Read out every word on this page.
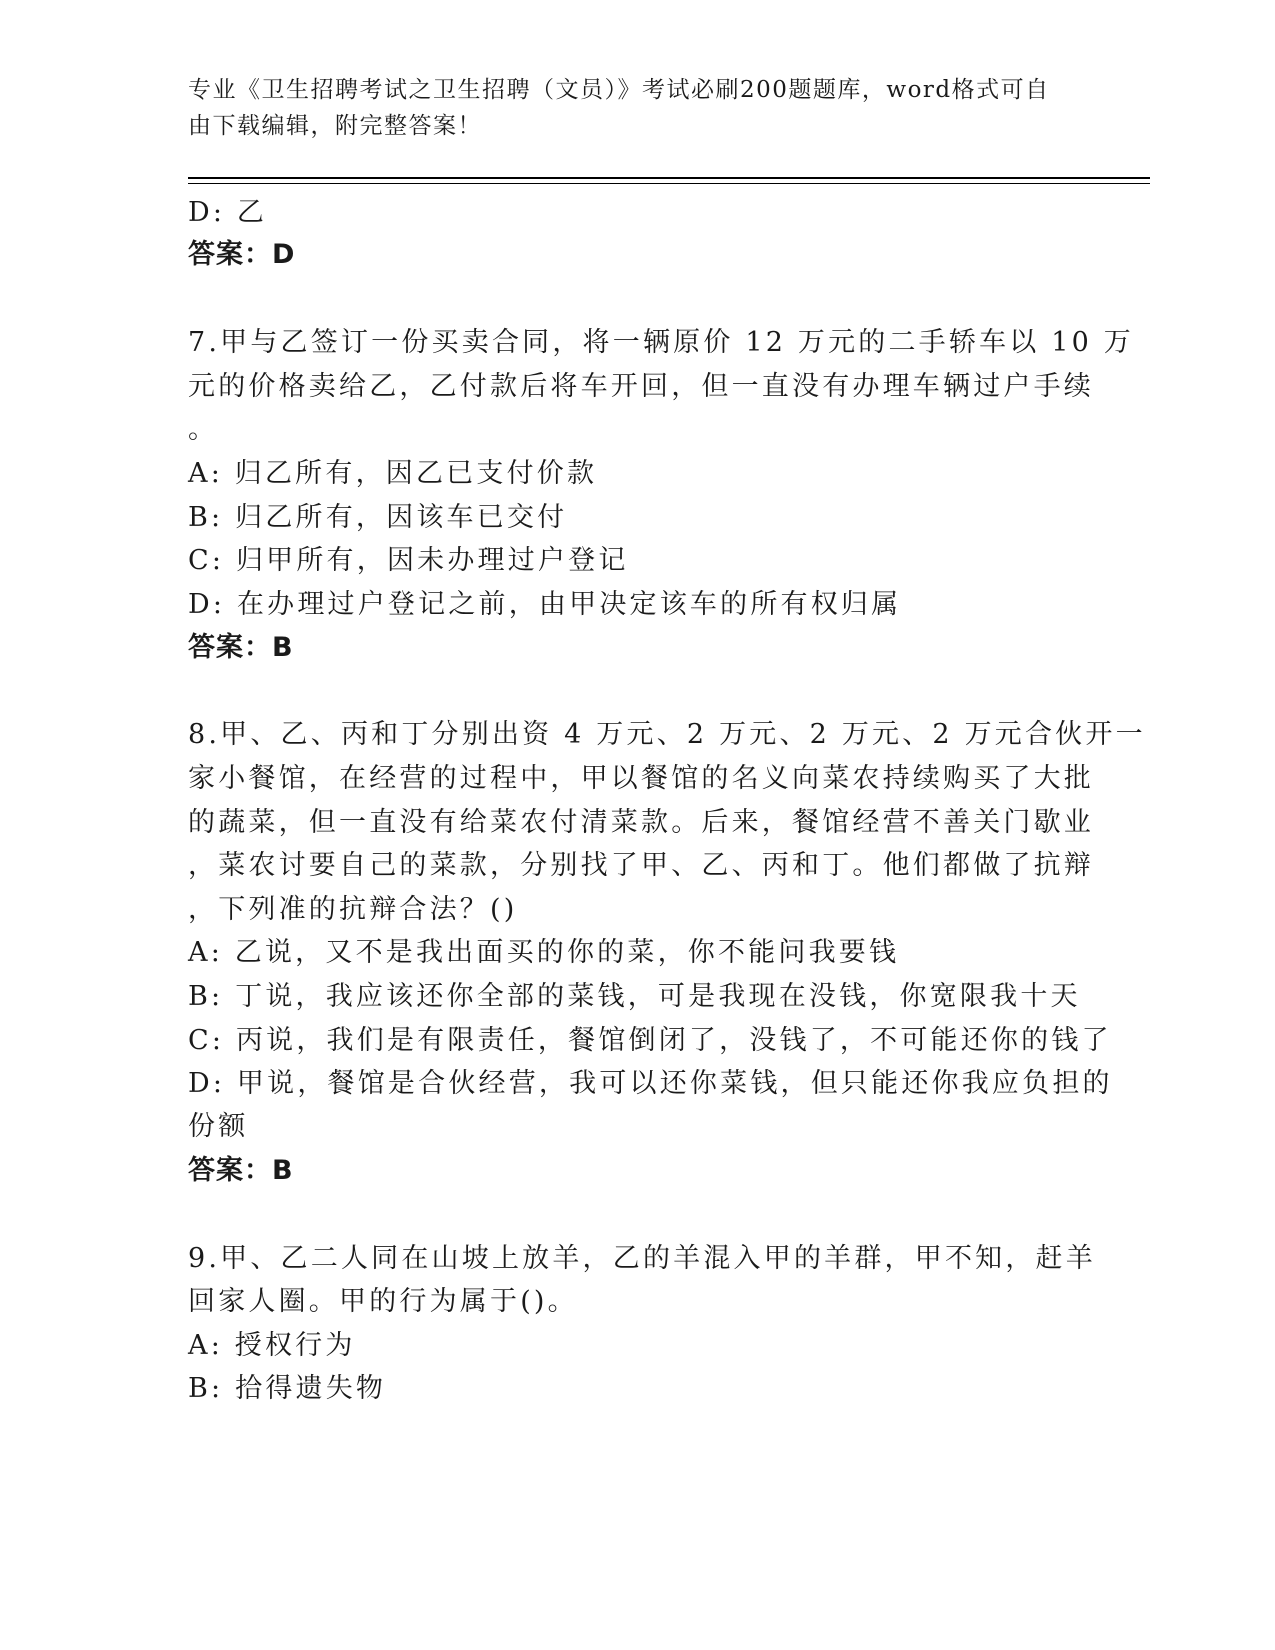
专业《卫生招聘考试之卫生招聘（文员）》考试必刷200题题库，word格式可自
由下载编辑，附完整答案！
D: 乙
答案：D
7.甲与乙签订一份买卖合同，将一辆原价 12 万元的二手轿车以 10 万
元的价格卖给乙，乙付款后将车开回，但一直没有办理车辆过户手续
。
A: 归乙所有，因乙已支付价款
B: 归乙所有，因该车已交付
C: 归甲所有，因未办理过户登记
D: 在办理过户登记之前，由甲决定该车的所有权归属
答案：B
8.甲、乙、丙和丁分别出资 4 万元、2 万元、2 万元、2 万元合伙开一
家小餐馆，在经营的过程中，甲以餐馆的名义向菜农持续购买了大批
的蔬菜，但一直没有给菜农付清菜款。后来，餐馆经营不善关门歇业
，菜农讨要自己的菜款，分别找了甲、乙、丙和丁。他们都做了抗辩
，下列准的抗辩合法？()
A: 乙说，又不是我出面买的你的菜，你不能问我要钱
B: 丁说，我应该还你全部的菜钱，可是我现在没钱，你宽限我十天
C: 丙说，我们是有限责任，餐馆倒闭了，没钱了，不可能还你的钱了
D: 甲说，餐馆是合伙经营，我可以还你菜钱，但只能还你我应负担的
份额
答案：B
9.甲、乙二人同在山坡上放羊，乙的羊混入甲的羊群，甲不知，赶羊
回家人圈。甲的行为属于()。
A: 授权行为
B: 拾得遗失物
